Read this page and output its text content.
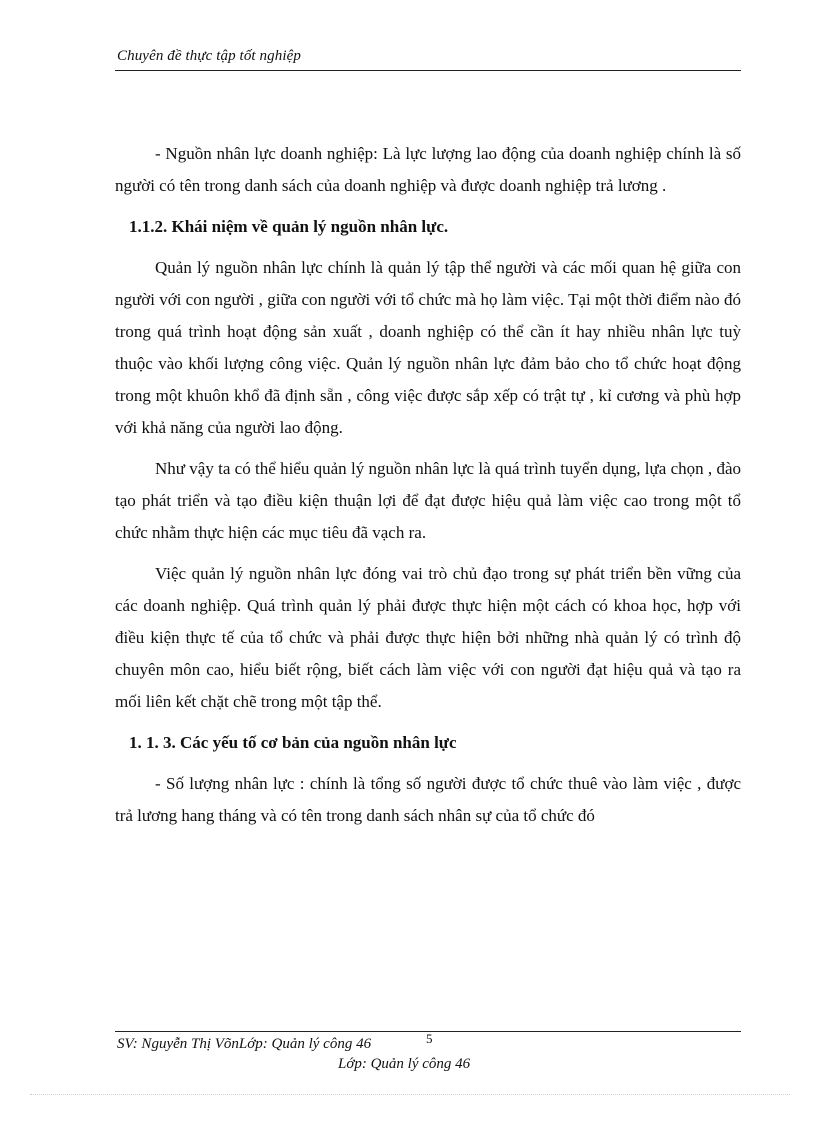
Chuyên đề thực tập tốt nghiệp

- Nguồn nhân lực doanh nghiệp: Là lực lượng lao động của doanh nghiệp chính là số người có tên trong danh sách của doanh nghiệp và được doanh nghiệp trả lương .

1.1.2. Khái niệm về quản lý nguồn nhân lực.

Quản lý nguồn nhân lực chính là quản lý tập thể người và các mối quan hệ giữa con người với con người , giữa con người với tổ chức mà họ làm việc. Tại một thời điểm nào đó trong quá trình hoạt động sản xuất , doanh nghiệp có thể cần ít hay nhiều nhân lực tuỳ thuộc vào khối lượng công việc. Quản lý nguồn nhân lực đảm bảo cho tổ chức hoạt động trong một khuôn khổ đã định sẵn , công việc được sắp xếp có trật tự , kỉ cương và phù hợp với khả năng của người lao động.

Như vậy ta có thể hiểu quản lý nguồn nhân lực là quá trình tuyển dụng, lựa chọn , đào tạo phát triển và tạo điều kiện thuận lợi để đạt được hiệu quả làm việc cao trong một tổ chức nhằm thực hiện các mục tiêu đã vạch ra.

Việc quản lý nguồn nhân lực đóng vai trò chủ đạo trong sự phát triển bền vững của các doanh nghiệp. Quá trình quản lý phải được thực hiện một cách có khoa học, hợp với điều kiện thực tế của tổ chức và phải được thực hiện bởi những nhà quản lý có trình độ chuyên môn cao, hiểu biết rộng, biết cách làm việc với con người đạt hiệu quả và tạo ra mối liên kết chặt chẽ trong một tập thể.

1. 1. 3. Các yếu tố cơ bản của nguồn nhân lực

- Số lượng nhân lực : chính là tổng số người được tổ chức thuê vào làm việc , được trả lương hang tháng và có tên trong danh sách nhân sự của tổ chức đó

SV: Nguyễn Thị VõnLớp: Quản lý công 46	5
Lớp: Quản lý công 46
